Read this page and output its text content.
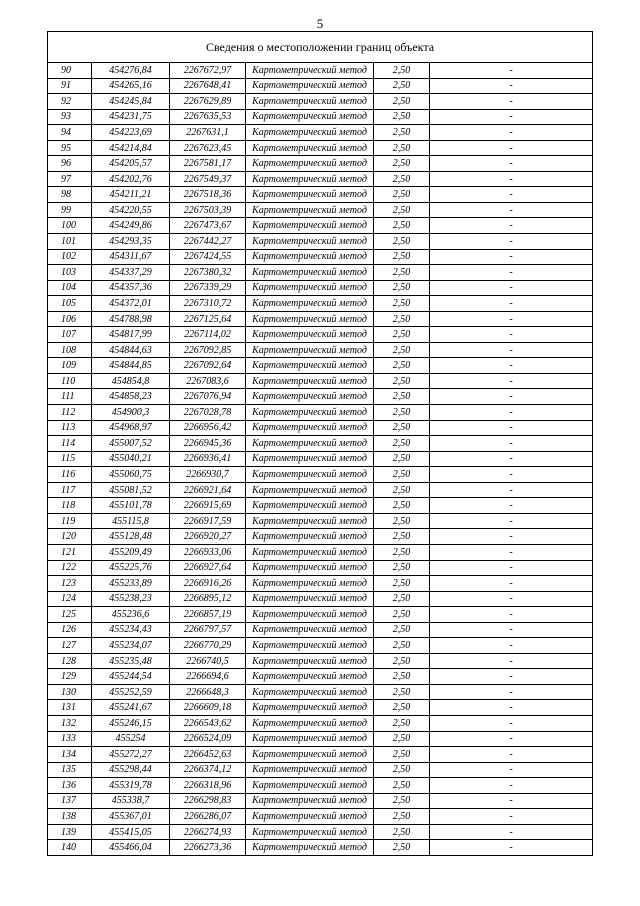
5
Сведения о местоположении границ объекта					
90	454276,84	2267672,97	Картометрический метод	2,50	-
91	454265,16	2267648,41	Картометрический метод	2,50	-
92	454245,84	2267629,89	Картометрический метод	2,50	-
93	454231,75	2267635,53	Картометрический метод	2,50	-
94	454223,69	2267631,1	Картометрический метод	2,50	-
95	454214,84	2267623,45	Картометрический метод	2,50	-
96	454205,57	2267581,17	Картометрический метод	2,50	-
97	454202,76	2267549,37	Картометрический метод	2,50	-
98	454211,21	2267518,36	Картометрический метод	2,50	-
99	454220,55	2267503,39	Картометрический метод	2,50	-
100	454249,86	2267473,67	Картометрический метод	2,50	-
101	454293,35	2267442,27	Картометрический метод	2,50	-
102	454311,67	2267424,55	Картометрический метод	2,50	-
103	454337,29	2267380,32	Картометрический метод	2,50	-
104	454357,36	2267339,29	Картометрический метод	2,50	-
105	454372,01	2267310,72	Картометрический метод	2,50	-
106	454788,98	2267125,64	Картометрический метод	2,50	-
107	454817,99	2267114,02	Картометрический метод	2,50	-
108	454844,63	2267092,85	Картометрический метод	2,50	-
109	454844,85	2267092,64	Картометрический метод	2,50	-
110	454854,8	2267083,6	Картометрический метод	2,50	-
111	454858,23	2267076,94	Картометрический метод	2,50	-
112	454900,3	2267028,78	Картометрический метод	2,50	-
113	454968,97	2266956,42	Картометрический метод	2,50	-
114	455007,52	2266945,36	Картометрический метод	2,50	-
115	455040,21	2266936,41	Картометрический метод	2,50	-
116	455060,75	2266930,7	Картометрический метод	2,50	-
117	455081,52	2266921,64	Картометрический метод	2,50	-
118	455101,78	2266915,69	Картометрический метод	2,50	-
119	455115,8	2266917,59	Картометрический метод	2,50	-
120	455128,48	2266920,27	Картометрический метод	2,50	-
121	455209,49	2266933,06	Картометрический метод	2,50	-
122	455225,76	2266927,64	Картометрический метод	2,50	-
123	455233,89	2266916,26	Картометрический метод	2,50	-
124	455238,23	2266895,12	Картометрический метод	2,50	-
125	455236,6	2266857,19	Картометрический метод	2,50	-
126	455234,43	2266797,57	Картометрический метод	2,50	-
127	455234,07	2266770,29	Картометрический метод	2,50	-
128	455235,48	2266740,5	Картометрический метод	2,50	-
129	455244,54	2266694,6	Картометрический метод	2,50	-
130	455252,59	2266648,3	Картометрический метод	2,50	-
131	455241,67	2266609,18	Картометрический метод	2,50	-
132	455246,15	2266543,62	Картометрический метод	2,50	-
133	455254	2266524,09	Картометрический метод	2,50	-
134	455272,27	2266452,63	Картометрический метод	2,50	-
135	455298,44	2266374,12	Картометрический метод	2,50	-
136	455319,78	2266318,96	Картометрический метод	2,50	-
137	455338,7	2266298,83	Картометрический метод	2,50	-
138	455367,01	2266286,07	Картометрический метод	2,50	-
139	455415,05	2266274,93	Картометрический метод	2,50	-
140	455466,04	2266273,36	Картометрический метод	2,50	-
